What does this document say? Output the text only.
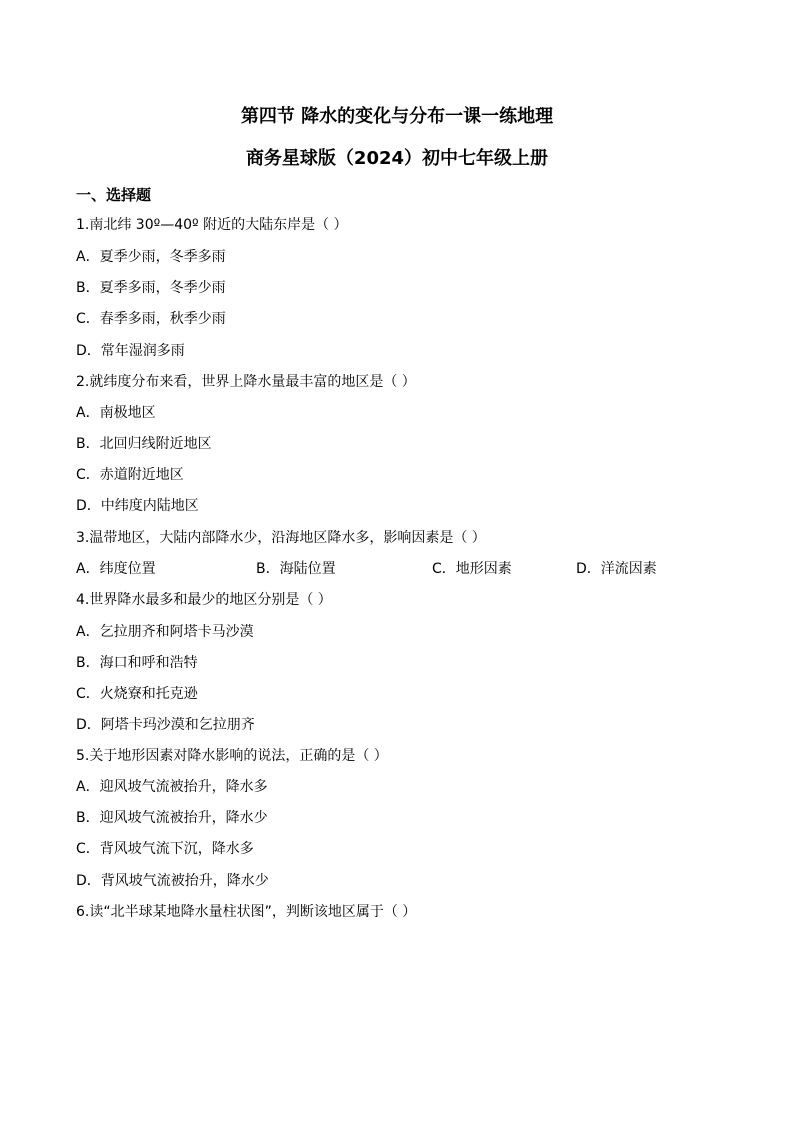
第四节 降水的变化与分布一课一练地理
商务星球版（2024）初中七年级上册
一、选择题
1.南北纬 30º—40º 附近的大陆东岸是（ ）
A．夏季少雨，冬季多雨
B．夏季多雨，冬季少雨
C．春季多雨，秋季少雨
D．常年湿润多雨
2.就纬度分布来看，世界上降水量最丰富的地区是（ ）
A．南极地区
B．北回归线附近地区
C．赤道附近地区
D．中纬度内陆地区
3.温带地区，大陆内部降水少，沿海地区降水多，影响因素是（ ）
A．纬度位置	B．海陆位置	C．地形因素	D．洋流因素
4.世界降水最多和最少的地区分别是（ ）
A．乞拉朋齐和阿塔卡马沙漠
B．海口和呼和浩特
C．火烧寮和托克逊
D．阿塔卡玛沙漠和乞拉朋齐
5.关于地形因素对降水影响的说法，正确的是（ ）
A．迎风坡气流被抬升，降水多
B．迎风坡气流被抬升，降水少
C．背风坡气流下沉，降水多
D．背风坡气流被抬升，降水少
6.读“北半球某地降水量柱状图”，判断该地区属于（ ）
